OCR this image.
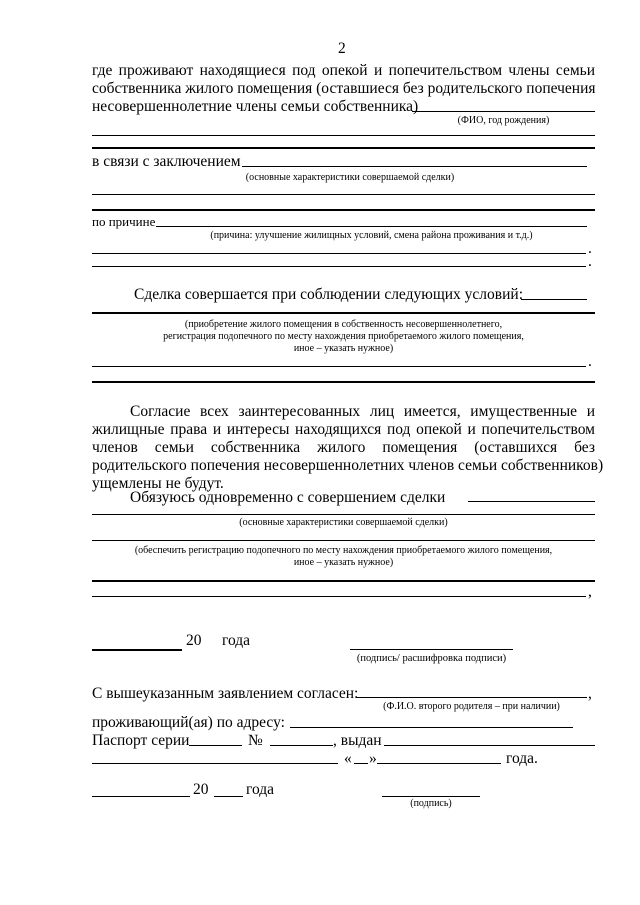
2
где проживают находящиеся под опекой и попечительством члены семьи
собственника жилого помещения (оставшиеся без родительского попечения
несовершеннолетние члены семьи собственника)
(ФИО, год рождения)
в связи с заключением
(основные характеристики совершаемой сделки)
по причине
(причина: улучшение жилищных условий, смена района проживания и т.д.)
.
.
Сделка совершается при соблюдении следующих условий:
(приобретение жилого помещения в собственность несовершеннолетнего,
регистрация подопечного по месту нахождения приобретаемого жилого помещения,
иное – указать нужное)
.
Согласие всех заинтересованных лиц имеется, имущественные и
жилищные права и интересы находящихся под опекой и попечительством
членов семьи собственника жилого помещения (оставшихся без
родительского попечения несовершеннолетних членов семьи собственников)
ущемлены не будут.
Обязуюсь одновременно с совершением сделки
(основные характеристики совершаемой сделки)
(обеспечить регистрацию подопечного по месту нахождения приобретаемого жилого помещения,
иное – указать нужное)
,
20 года
(подпись/ расшифровка подписи)
С вышеуказанным заявлением согласен:	,
(Ф.И.О. второго родителя – при наличии)
проживающий(ая) по адресу:
Паспорт серии	№	, выдан
« »	года.
20 года
(подпись)
